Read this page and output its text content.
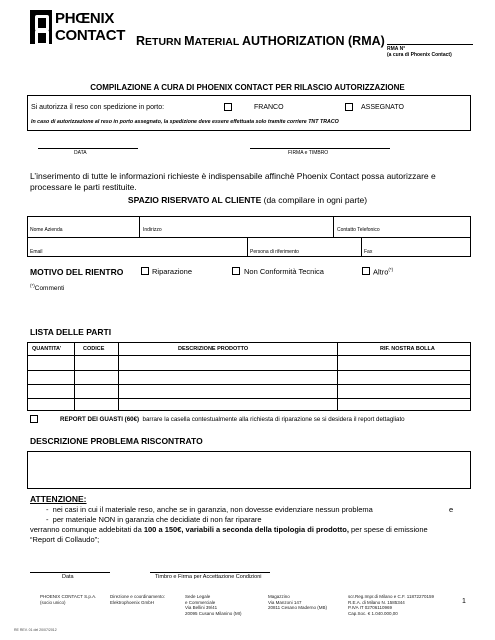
PHŒNIX
CONTACT RETURN MATERIAL AUTHORIZATION (RMA)
RMA N°
(a cura di Phoenix Contact)
COMPILAZIONE A CURA DI PHOENIX CONTACT PER RILASCIO AUTORIZZAZIONE
Si autorizza il reso con spedizione in porto:	FRANCO	ASSEGNATO
In caso di autorizzazione al reso in porto assegnato, la spedizione deve essere effettuata solo tramite corriere TNT TRACO
DATA	FIRMA e TIMBRO
L’inserimento di tutte le informazioni richieste è indispensabile affinchè Phoenix Contact possa autorizzare e processare le parti restituite.
SPAZIO RISERVATO AL CLIENTE (da compilare in ogni parte)
Nome Azienda	Indirizzo	Contatto Telefonico
Email	Persona di riferimento	Fax
MOTIVO DEL RIENTRO	Riparazione	Non Conformità Tecnica	Altro(*)
(*)Commenti
LISTA DELLE PARTI
QUANTITA’	CODICE	DESCRIZIONE PRODOTTO	RIF. NOSTRA BOLLA
REPORT DEI GUASTI (60€) barrare la casella contestualmente alla richiesta di riparazione se si desidera il report dettagliato
DESCRIZIONE PROBLEMA RISCONTRATO
ATTENZIONE:
-  nei casi in cui il materiale reso, anche se in garanzia, non dovesse evidenziare nessun problema	e
-  per materiale NON in garanzia che decidiate di non far riparare
verranno comunque addebitati da 100 a 150€, variabili a seconda della tipologia di prodotto, per spese di emissione
“Report di Collaudo”;
Data	Timbro e Firma per Accettazione Condizioni
PHOENIX CONTACT S.p.A.
(socio unico)
Direzione e coordinamento:
Elektrophoenix GmbH
Sede Legale
e Commerciale
Via Bellini 39/41
20095 Cusano Milanino (MI)
Magazzino
Via Manzoni 147
20811 Cesano Maderno (MB)
scr.Reg.Impr.di Milano e C.F. 11872270159
R.E.A. di Milano N. 1585344
P.IVA IT 02706110969
Cap.Soc. € 1.040.000,00
1
RE REV. 01 del 20/07/2012
